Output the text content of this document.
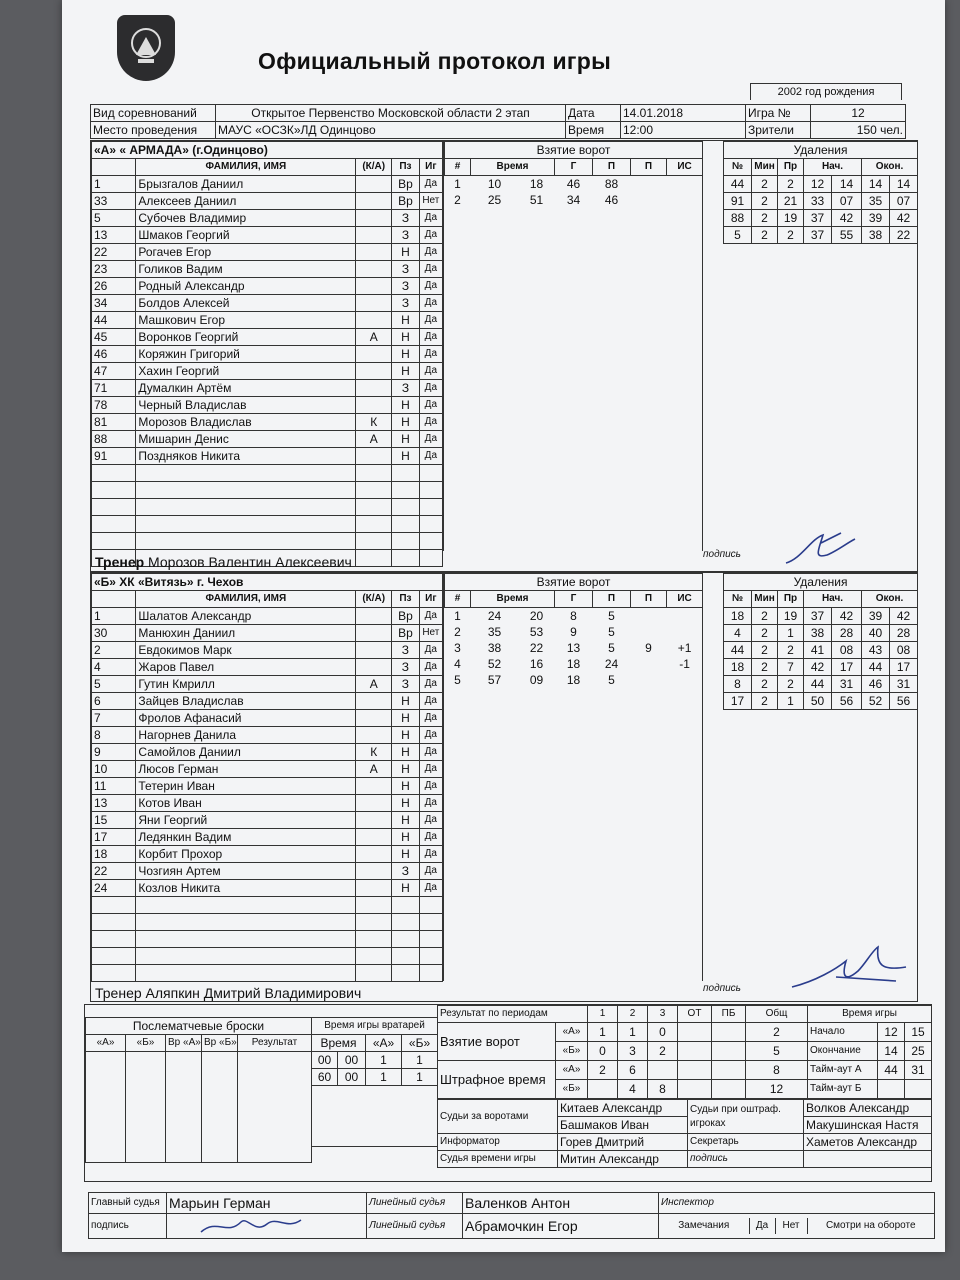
Официальный протокол игры
2002 год рождения
Вид соревнований	Открытое Первенство Московской области 2 этап	Дата	14.01.2018	Игра №	12
Место проведения	МАУС «ОСЗК»ЛД Одинцово	Время	12:00	Зрители	150 чел.
«А» « АРМАДА» (г.Одинцово)				
	ФАМИЛИЯ, ИМЯ	(К/А)	Пз	Иг
1	Брызгалов Даниил		Вр	Да
33	Алексеев Даниил		Вр	Нет
5	Субочев Владимир		З	Да
13	Шмаков Георгий		З	Да
22	Рогачев Егор		Н	Да
23	Голиков Вадим		З	Да
26	Родный Александр		З	Да
34	Болдов Алексей		З	Да
44	Машкович Егор		Н	Да
45	Воронков Георгий	А	Н	Да
46	Коряжин Григорий		Н	Да
47	Хахин Георгий		Н	Да
71	Думалкин Артём		З	Да
78	Черный Владислав		Н	Да
81	Морозов Владислав	К	Н	Да
88	Мишарин Денис	А	Н	Да
91	Поздняков Никита		Н	Да

Взятие ворот						
#	Время		Г	П	П	ИС
1	10	18	46	88		
2	25	51	34	46		
Удаления						
№	Мин	Пр	Нач.		Окон.	
44	2	2	12	14	14	14
91	2	21	33	07	35	07
88	2	19	37	42	39	42
5	2	2	37	55	38	22
Тренер Морозов Валентин Алексеевич	подпись
«Б» ХК «Витязь» г. Чехов				
	ФАМИЛИЯ, ИМЯ	(К/А)	Пз	Иг
1	Шалатов Александр		Вр	Да
30	Манюхин Даниил		Вр	Нет
2	Евдокимов Марк		З	Да
4	Жаров Павел		З	Да
5	Гутин Кмрилл	А	З	Да
6	Зайцев Владислав		Н	Да
7	Фролов Афанасий		Н	Да
8	Нагорнев Данила		Н	Да
9	Самойлов Даниил	К	Н	Да
10	Люсов Герман	А	Н	Да
11	Тетерин Иван		Н	Да
13	Котов Иван		Н	Да
15	Яни Георгий		Н	Да
17	Ледянкин Вадим		Н	Да
18	Корбит Прохор		Н	Да
22	Чозгиян Артем		З	Да
24	Козлов Никита		Н	Да

Взятие ворот						
#	Время		Г	П	П	ИС
1	24	20	8	5		
2	35	53	9	5		
3	38	22	13	5	9	+1
4	52	16	18	24		-1
5	57	09	18	5		
Удаления						
№	Мин	Пр	Нач.		Окон.	
18	2	19	37	42	39	42
4	2	1	38	28	40	28
44	2	2	41	08	43	08
18	2	7	42	17	44	17
8	2	2	44	31	46	31
17	2	1	50	56	52	56
Тренер Аляпкин Дмитрий Владимирович	подпись
Послематчевые броски				
«А»	«Б»	Вр «А»	Вр «Б»	Результат

Время игры вратарей			
Время		«А»	«Б»
00	00	1	1
60	00	1	1

Результат по периодам		1	2	3	ОТ	ПБ	Общ
Взятие ворот	«А»	1	1	0			2
	«Б»	0	3	2			5
Штрафное время	«А»	2	6				8
	«Б»		4	8			12
Время игры		
Начало	12	15
Окончание	14	25
Тайм-аут А	44	31
Тайм-аут Б		
Судьи за воротами	Китаев Александр	Судьи при оштраф. игроках	Волков Александр
	Башмаков Иван		Макушинская Настя
Информатор	Горев Дмитрий	Секретарь	Хаметов Александр
Судья времени игры	Митин Александр	подпись	
Главный судья	Марьин Герман	Линейный судья	Валенков Антон	Инспектор
подпись		Линейный судья	Абрамочкин Егор		Замечания	Да	Нет	Смотри на обороте
